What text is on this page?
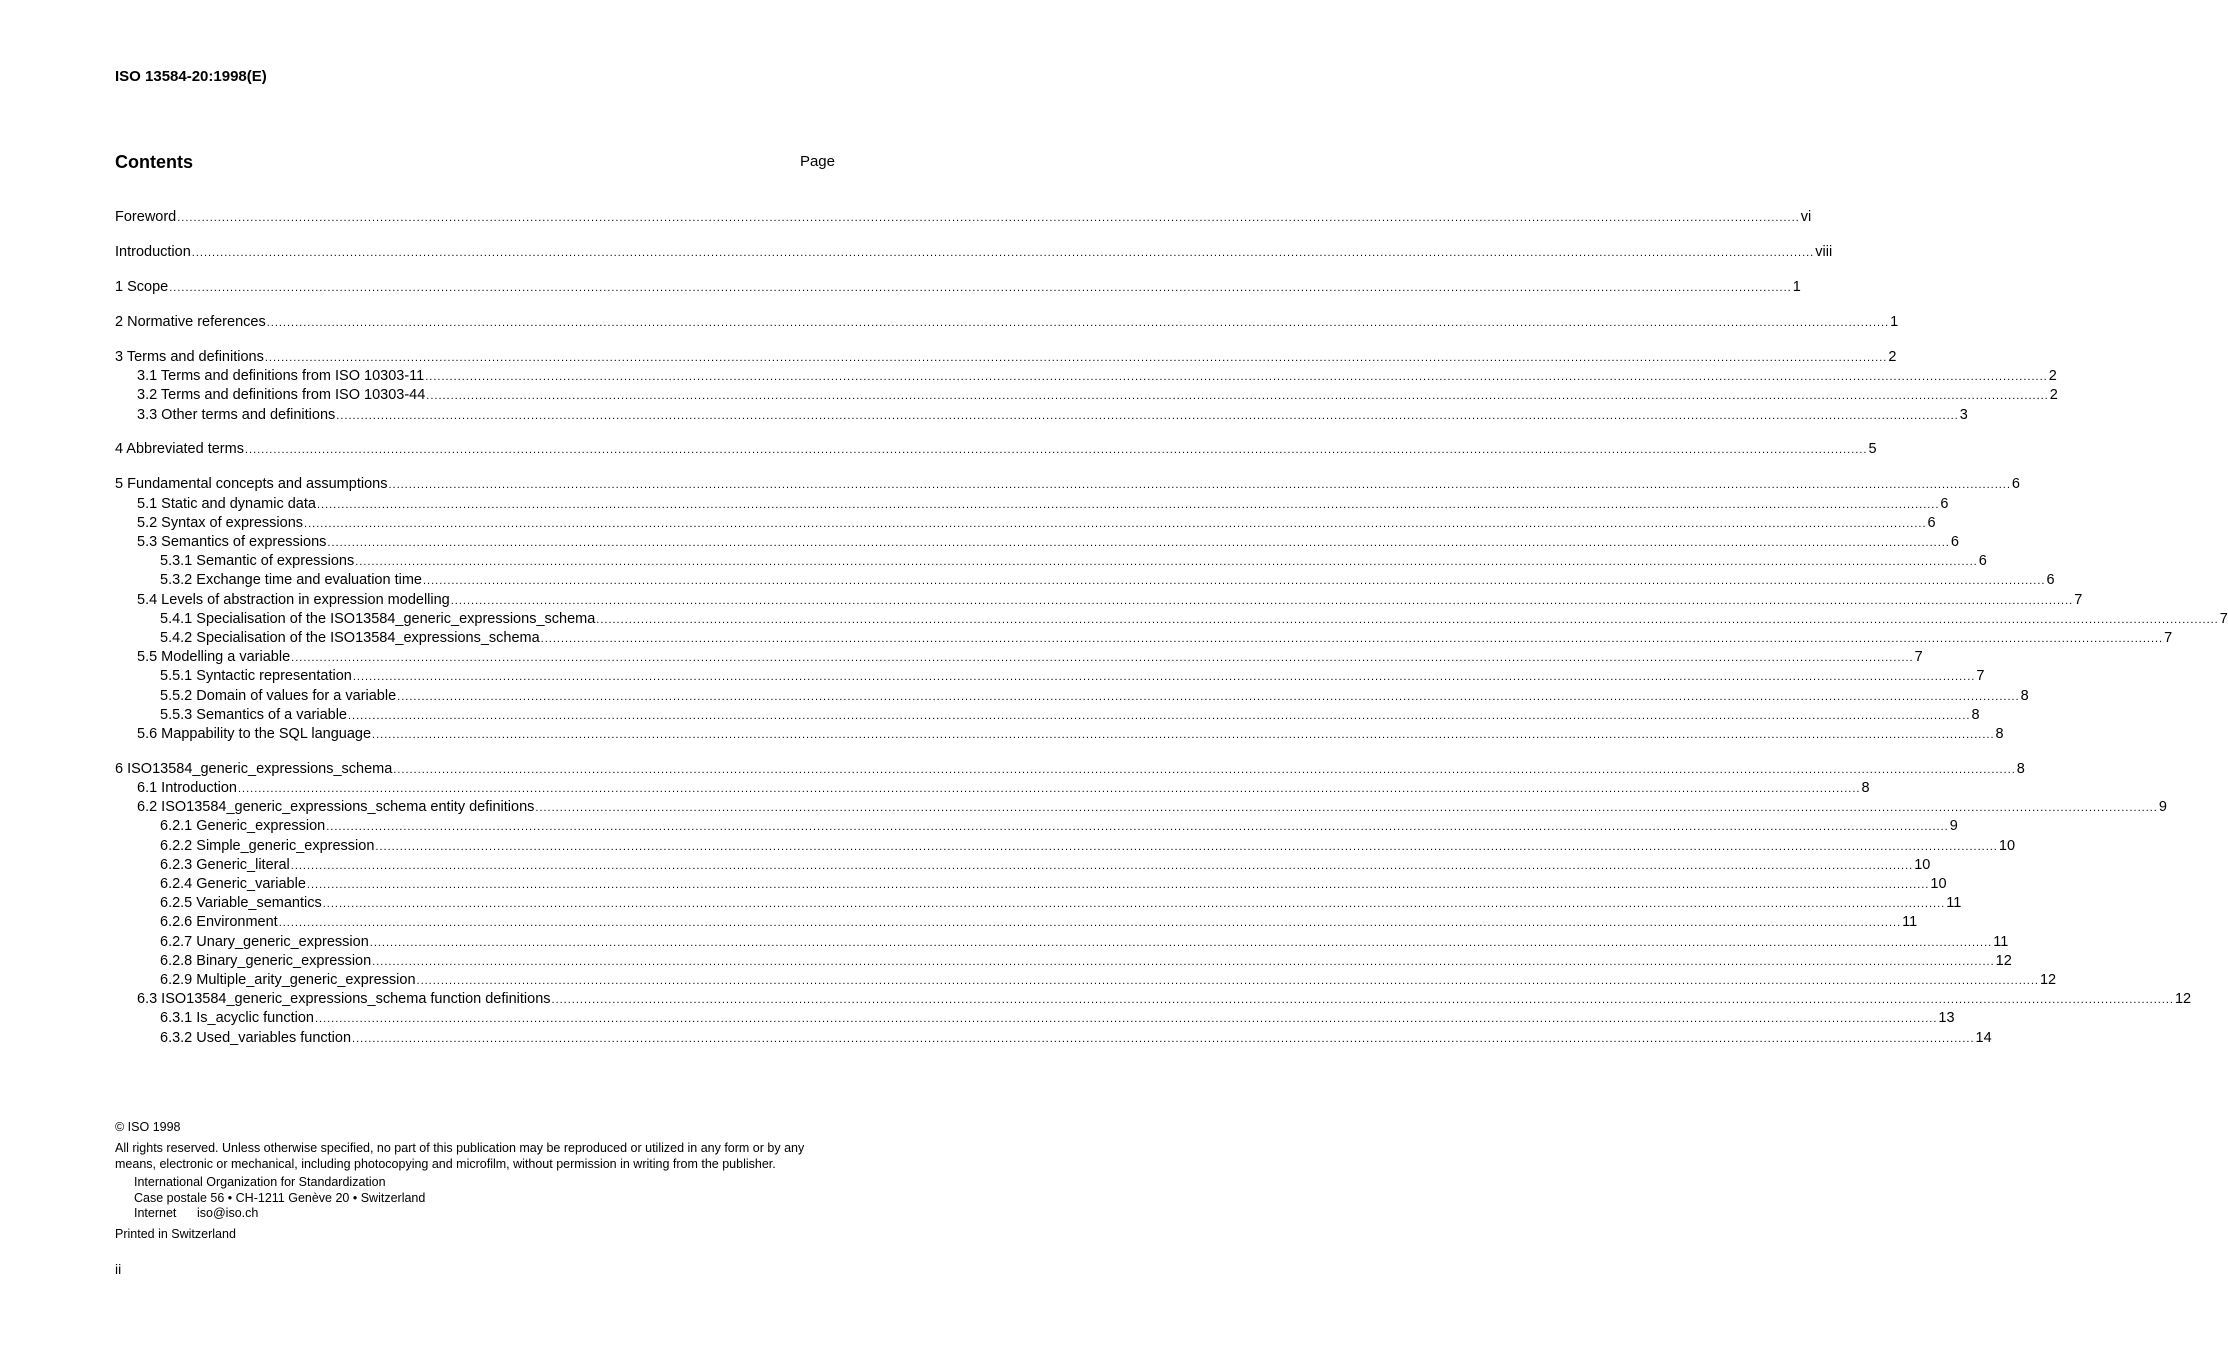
ISO 13584-20:1998(E)
Contents	Page
Foreword ................................................................................................................................................................................................................................................................................................................................................................................................................ vi
Introduction ................................................................................................................................................................................................................................................................................................................................................................................................................ viii
1 Scope ................................................................................................................................................................................................................................................................................................................................................................................................................ 1
2 Normative references ................................................................................................................................................................................................................................................................................................................................................................................................................ 1
3 Terms and definitions ................................................................................................................................................................................................................................................................................................................................................................................................................ 2
3.1 Terms and definitions from ISO 10303-11 ................................................................................................................................................................................................................................................................................................................................................................................................................ 2
3.2 Terms and definitions from ISO 10303-44 ................................................................................................................................................................................................................................................................................................................................................................................................................ 2
3.3 Other terms and definitions ................................................................................................................................................................................................................................................................................................................................................................................................................ 3
4 Abbreviated terms ................................................................................................................................................................................................................................................................................................................................................................................................................ 5
5 Fundamental concepts and assumptions ................................................................................................................................................................................................................................................................................................................................................................................................................ 6
5.1 Static and dynamic data ................................................................................................................................................................................................................................................................................................................................................................................................................ 6
5.2 Syntax of expressions ................................................................................................................................................................................................................................................................................................................................................................................................................ 6
5.3 Semantics of expressions ................................................................................................................................................................................................................................................................................................................................................................................................................ 6
5.3.1 Semantic of expressions ................................................................................................................................................................................................................................................................................................................................................................................................................ 6
5.3.2 Exchange time and evaluation time ................................................................................................................................................................................................................................................................................................................................................................................................................ 6
5.4 Levels of abstraction in expression modelling ................................................................................................................................................................................................................................................................................................................................................................................................................ 7
5.4.1 Specialisation of the ISO13584_generic_expressions_schema ................................................................................................................................................................................................................................................................................................................................................................................................................ 7
5.4.2 Specialisation of the ISO13584_expressions_schema ................................................................................................................................................................................................................................................................................................................................................................................................................ 7
5.5 Modelling a variable ................................................................................................................................................................................................................................................................................................................................................................................................................ 7
5.5.1 Syntactic representation ................................................................................................................................................................................................................................................................................................................................................................................................................ 7
5.5.2 Domain of values for a variable ................................................................................................................................................................................................................................................................................................................................................................................................................ 8
5.5.3 Semantics of a variable ................................................................................................................................................................................................................................................................................................................................................................................................................ 8
5.6 Mappability to the SQL language ................................................................................................................................................................................................................................................................................................................................................................................................................ 8
6 ISO13584_generic_expressions_schema ................................................................................................................................................................................................................................................................................................................................................................................................................ 8
6.1 Introduction ................................................................................................................................................................................................................................................................................................................................................................................................................ 8
6.2 ISO13584_generic_expressions_schema entity definitions ................................................................................................................................................................................................................................................................................................................................................................................................................ 9
6.2.1 Generic_expression ................................................................................................................................................................................................................................................................................................................................................................................................................ 9
6.2.2 Simple_generic_expression ................................................................................................................................................................................................................................................................................................................................................................................................................ 10
6.2.3 Generic_literal ................................................................................................................................................................................................................................................................................................................................................................................................................ 10
6.2.4 Generic_variable ................................................................................................................................................................................................................................................................................................................................................................................................................ 10
6.2.5 Variable_semantics ................................................................................................................................................................................................................................................................................................................................................................................................................ 11
6.2.6 Environment ................................................................................................................................................................................................................................................................................................................................................................................................................ 11
6.2.7 Unary_generic_expression ................................................................................................................................................................................................................................................................................................................................................................................................................ 11
6.2.8 Binary_generic_expression ................................................................................................................................................................................................................................................................................................................................................................................................................ 12
6.2.9 Multiple_arity_generic_expression ................................................................................................................................................................................................................................................................................................................................................................................................................ 12
6.3 ISO13584_generic_expressions_schema function definitions ................................................................................................................................................................................................................................................................................................................................................................................................................ 12
6.3.1 Is_acyclic function ................................................................................................................................................................................................................................................................................................................................................................................................................ 13
6.3.2 Used_variables function ................................................................................................................................................................................................................................................................................................................................................................................................................ 14
© ISO 1998
All rights reserved. Unless otherwise specified, no part of this publication may be reproduced or utilized in any form or by any means, electronic or mechanical, including photocopying and microfilm, without permission in writing from the publisher.
International Organization for Standardization
Case postale 56 • CH-1211 Genève 20 • Switzerland
Internet iso@iso.ch
Printed in Switzerland
ii
